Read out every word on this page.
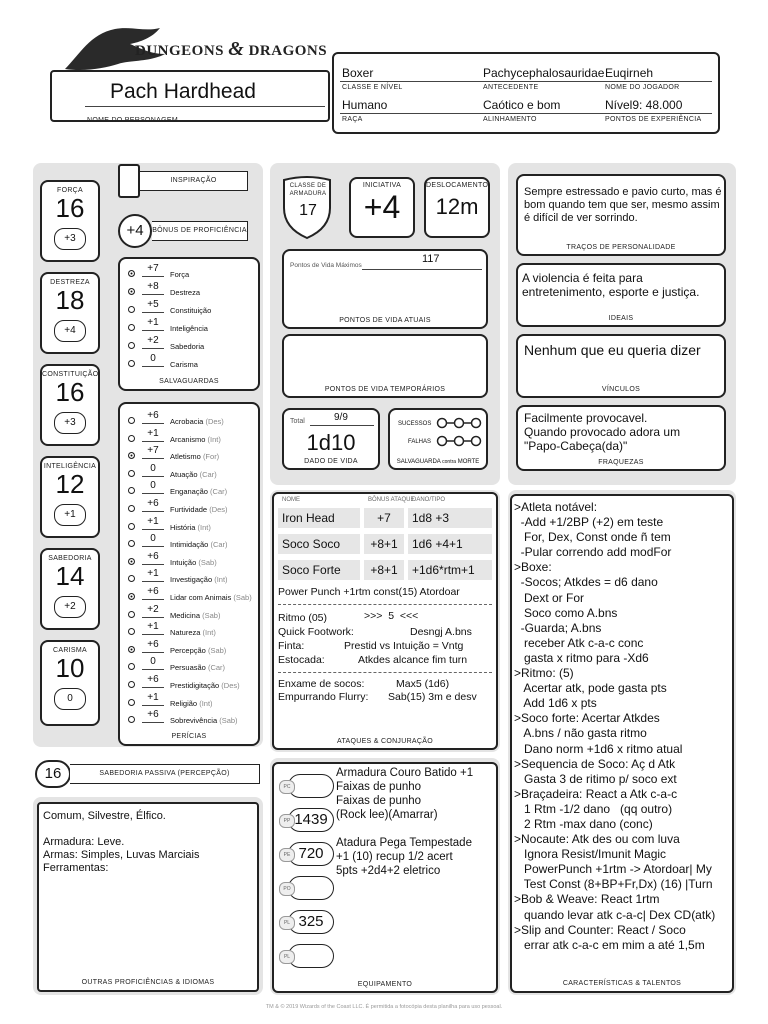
DUNGEONS & DRAGONS
Pach Hardhead
NOME DO PERSONAGEM
Boxer	Pachycephalosauridae Euqirneh
CLASSE E NÍVEL	ANTECEDENTE	NOME DO JOGADOR
Humano	Caótico e bom	Nível9: 48.000
RAÇA	ALINHAMENTO	PONTOS DE EXPERIÊNCIA
FORÇA
16
+3
DESTREZA
18
+4
CONSTITUIÇÃO
16
+3
INTELIGÊNCIA
12
+1
SABEDORIA
14
+2
CARISMA
10
0
INSPIRAÇÃO
+4	BÔNUS DE PROFICIÊNCIA
+7
Força
+8
Destreza
+5
Constituição
+1
Inteligência
+2
Sabedoria
0
Carisma
SALVAGUARDAS
+6
Acrobacia (Des)
+1
Arcanismo (Int)
+7
Atletismo (For)
0
Atuação (Car)
0
Enganação (Car)
+6
Furtividade (Des)
+1
História (Int)
0
Intimidação (Car)
+6
Intuição (Sab)
+1
Investigação (Int)
+6
Lidar com Animais (Sab)
+2
Medicina (Sab)
+1
Natureza (Int)
+6
Percepção (Sab)
0
Persuasão (Car)
+6
Prestidigitação (Des)
+1
Religião (Int)
+6
Sobrevivência (Sab)
PERÍCIAS
16	SABEDORIA PASSIVA (PERCEPÇÃO)
Comum, Silvestre, Élfico.
Armadura: Leve.
Armas: Simples, Luvas Marciais
Ferramentas:
OUTRAS PROFICIÊNCIAS & IDIOMAS
CLASSE DE ARMADURA
17
INICIATIVA
+4
DESLOCAMENTO
12m
Pontos de Vida Máximos
117
PONTOS DE VIDA ATUAIS
PONTOS DE VIDA TEMPORÁRIOS
Total	9/9
1d10
DADO DE VIDA
SUCESSOS
FALHAS
SALVAGUARDA contra MORTE
NOME	BÔNUS ATAQUE
DANO/TIPO
Iron Head	+7	1d8 +3
Soco Soco	+8+1	1d6 +4+1
Soco Forte	+8+1	+1d6*rtm+1
Power Punch +1rtm const(15) Atordoar
Ritmo (05)	>>>  5  <<<
Quick Footwork:	Desngj A.bns
Finta:	Prestid vs Intuição = Vntg
Estocada:	Atkdes alcance fim turn
Enxame de socos:	Max5 (1d6)
Empurrando Flurry: Sab(15) 3m e desv
ATAQUES & CONJURAÇÃO
PC
PP 1439
PE 720
PO
PL 325
PL
Armadura Couro Batido +1
Faixas de punho
Faixas de punho
(Rock lee)(Amarrar)
Atadura Pega Tempestade
+1 (10) recup 1/2 acert
5pts +2d4+2 eletrico
EQUIPAMENTO
Sempre estressado e pavio curto, mas é bom quando tem que ser, mesmo assim é difícil de ver sorrindo.
TRAÇOS DE PERSONALIDADE
A violencia é feita para entretenimento, esporte e justiça.
IDEAIS
Nenhum que eu queria dizer
VÍNCULOS
Facilmente provocavel.
Quando provocado adora um
"Papo-Cabeça(da)"
FRAQUEZAS
>Atleta notável:
-Add +1/2BP (+2) em teste
For, Dex, Const onde ñ tem
-Pular correndo add modFor
>Boxe:
-Socos; Atkdes = d6 dano
Dext or For
Soco como A.bns
-Guarda; A.bns
receber Atk c-a-c conc
gasta x ritmo para -Xd6
>Ritmo: (5)
Acertar atk, pode gasta pts
Add 1d6 x pts
>Soco forte: Acertar Atkdes
A.bns / não gasta ritmo
Dano norm +1d6 x ritmo atual
>Sequencia de Soco: Aç d Atk
Gasta 3 de ritimo p/ soco ext
>Braçadeira: React a Atk c-a-c
1 Rtm -1/2 dano   (qq outro)
2 Rtm -max dano (conc)
>Nocaute: Atk des ou com luva
Ignora Resist/Imunit Magic
PowerPunch +1rtm -> Atordoar| My
Test Const (8+BP+Fr,Dx) (16) |Turn
>Bob & Weave: React 1rtm
quando levar atk c-a-c| Dex CD(atk)
>Slip and Counter: React / Soco
errar atk c-a-c em mim a até 1,5m
CARACTERÍSTICAS & TALENTOS
TM & © 2019 Wizards of the Coast LLC. É permitida a fotocópia desta planilha para uso pessoal.
